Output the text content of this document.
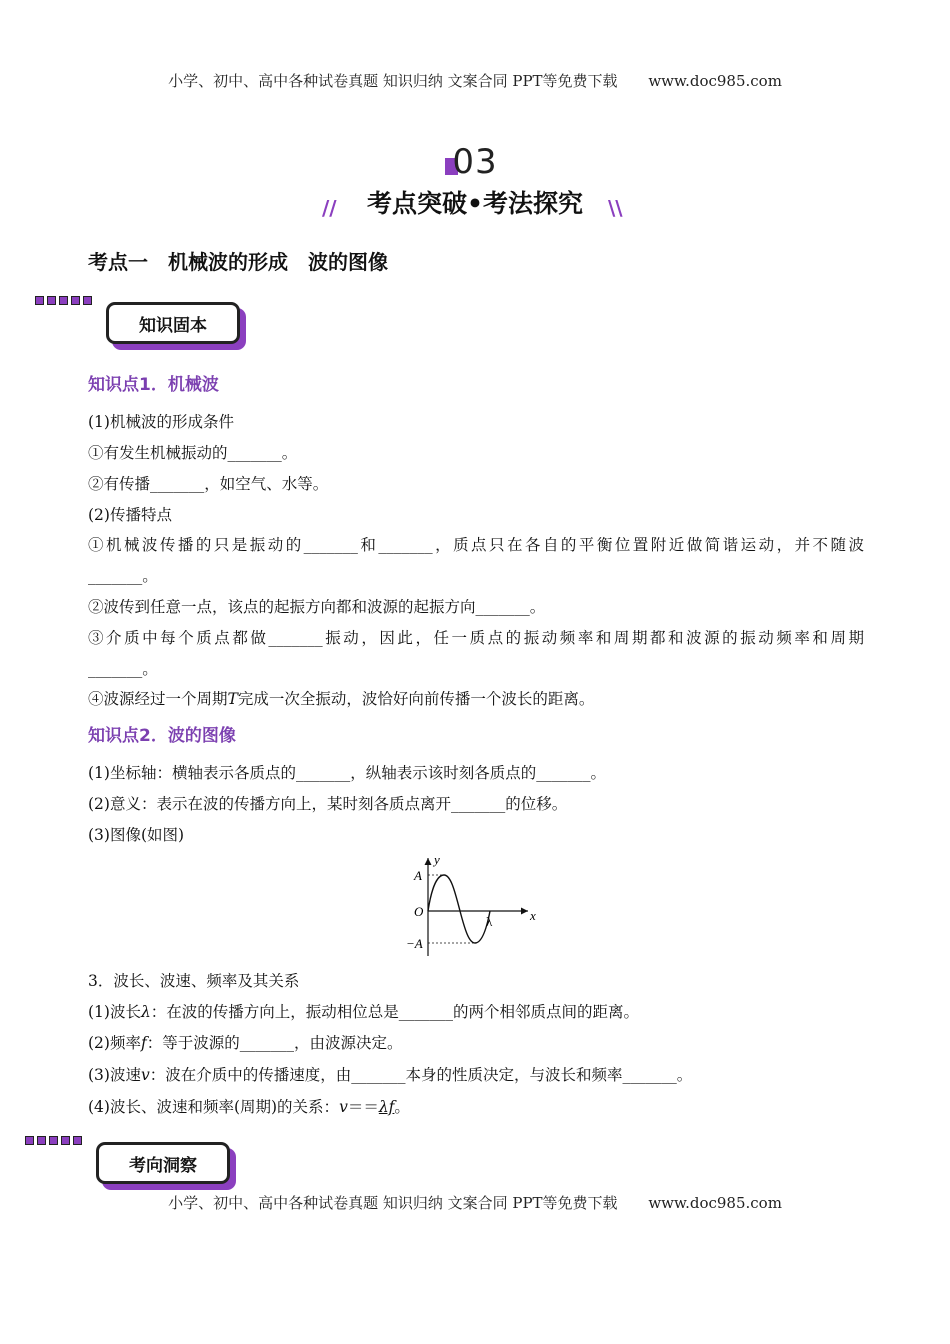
小学、初中、高中各种试卷真题 知识归纳 文案合同 PPT等免费下载 www.doc985.com
03
//	考点突破•考法探究	\\
考点一　机械波的形成　波的图像
知识固本
知识点1．机械波
(1)机械波的形成条件
①有发生机械振动的_______。
②有传播_______，如空气、水等。
(2)传播特点
①机械波传播的只是振动的_______和_______，质点只在各自的平衡位置附近做简谐运动，并不随波
_______。
②波传到任意一点，该点的起振方向都和波源的起振方向_______。
③介质中每个质点都做_______振动，因此，任一质点的振动频率和周期都和波源的振动频率和周期
_______。
④波源经过一个周期T完成一次全振动，波恰好向前传播一个波长的距离。
知识点2．波的图像
(1)坐标轴：横轴表示各质点的_______，纵轴表示该时刻各质点的_______。
(2)意义：表示在波的传播方向上，某时刻各质点离开_______的位移。
(3)图像(如图)
y
x
A
−A
O
λ
3．波长、波速、频率及其关系
(1)波长λ：在波的传播方向上，振动相位总是_______的两个相邻质点间的距离。
(2)频率f：等于波源的_______，由波源决定。
(3)波速v：波在介质中的传播速度，由_______本身的性质决定，与波长和频率_______。
(4)波长、波速和频率(周期)的关系：v＝＝λf。
考向洞察
小学、初中、高中各种试卷真题 知识归纳 文案合同 PPT等免费下载 www.doc985.com
